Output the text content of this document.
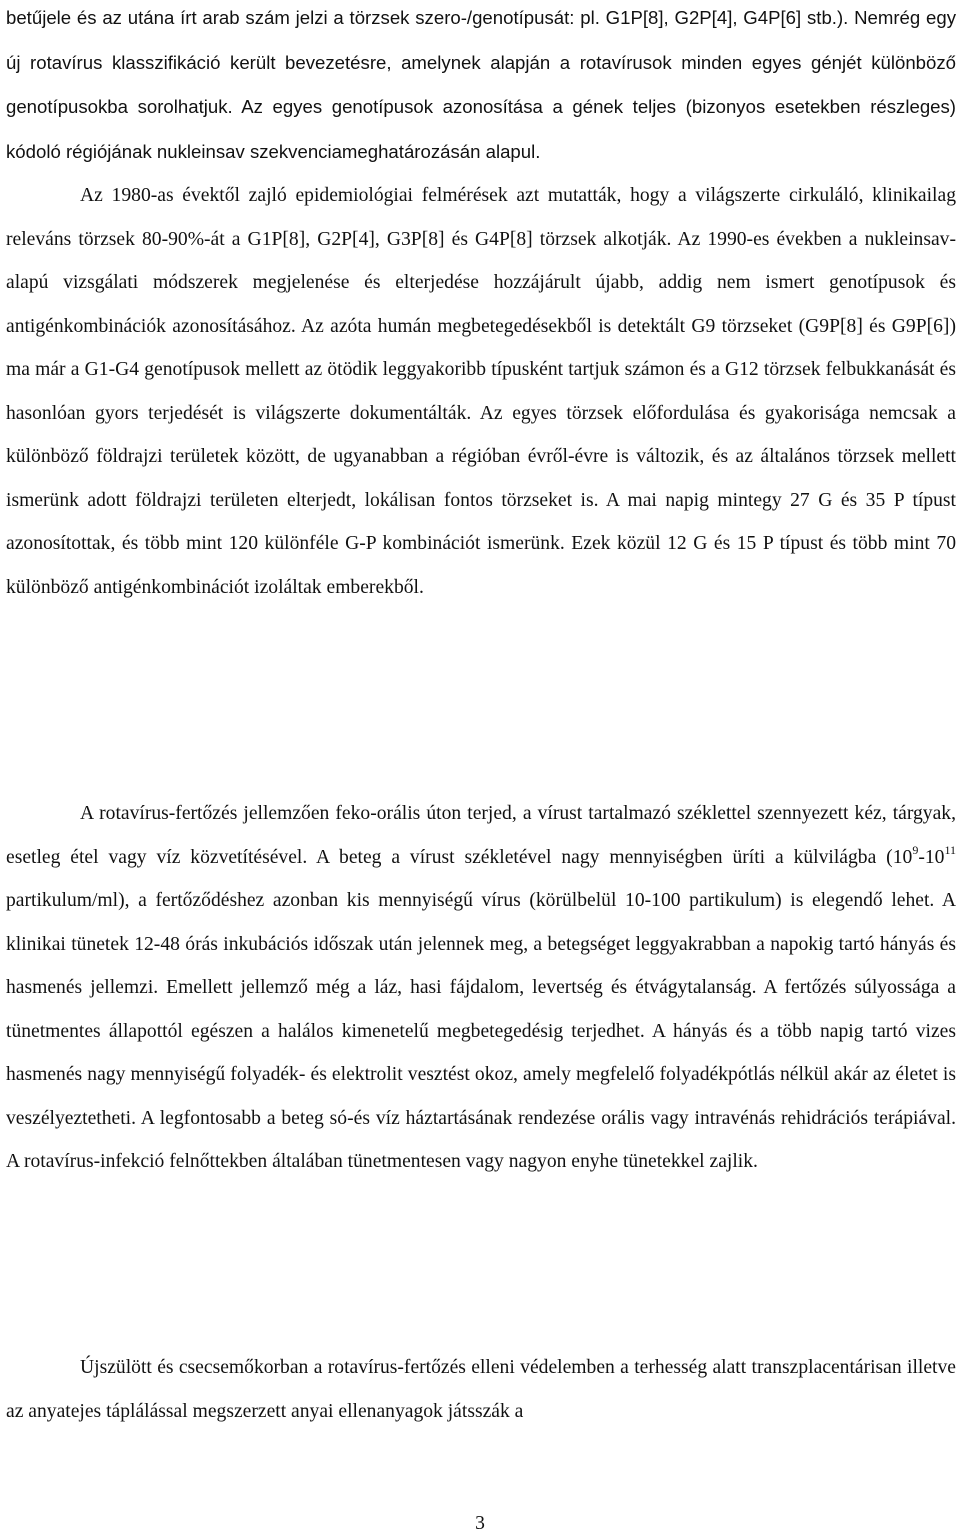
betűjele és az utána írt arab szám jelzi a törzsek szero-/genotípusát: pl. G1P[8], G2P[4], G4P[6] stb.). Nemrég egy új rotavírus klasszifikáció került bevezetésre, amelynek alapján a rotavírusok minden egyes génjét különböző genotípusokba sorolhatjuk. Az egyes genotípusok azonosítása a gének teljes (bizonyos esetekben részleges) kódoló régiójának nukleinsav szekvenciameghatározásán alapul.
Az 1980-as évektől zajló epidemiológiai felmérések azt mutatták, hogy a világszerte cirkuláló, klinikailag releváns törzsek 80-90%-át a G1P[8], G2P[4], G3P[8] és G4P[8] törzsek alkotják. Az 1990-es években a nukleinsav-alapú vizsgálati módszerek megjelenése és elterjedése hozzájárult újabb, addig nem ismert genotípusok és antigénkombinációk azonosításához. Az azóta humán megbetegedésekből is detektált G9 törzseket (G9P[8] és G9P[6]) ma már a G1-G4 genotípusok mellett az ötödik leggyakoribb típusként tartjuk számon és a G12 törzsek felbukkanását és hasonlóan gyors terjedését is világszerte dokumentálták. Az egyes törzsek előfordulása és gyakorisága nemcsak a különböző földrajzi területek között, de ugyanabban a régióban évről-évre is változik, és az általános törzsek mellett ismerünk adott földrajzi területen elterjedt, lokálisan fontos törzseket is. A mai napig mintegy 27 G és 35 P típust azonosítottak, és több mint 120 különféle G-P kombinációt ismerünk. Ezek közül 12 G és 15 P típust és több mint 70 különböző antigénkombinációt izoláltak emberekből.

A rotavírus-fertőzés jellemzően feko-orális úton terjed, a vírust tartalmazó széklettel szennyezett kéz, tárgyak, esetleg étel vagy víz közvetítésével. A beteg a vírust székletével nagy mennyiségben üríti a külvilágba ($10^9-10^{11}$ partikulum/ml), a fertőződéshez azonban kis mennyiségű vírus (körülbelül 10-100 partikulum) is elegendő lehet. A klinikai tünetek 12-48 órás inkubációs időszak után jelennek meg, a betegséget leggyakrabban a napokig tartó hányás és hasmenés jellemzi. Emellett jellemző még a láz, hasi fájdalom, levertség és étvágytalanság. A fertőzés súlyossága a tünetmentes állapottól egészen a halálos kimenetelű megbetegedésig terjedhet. A hányás és a több napig tartó vizes hasmenés nagy mennyiségű folyadék- és elektrolit vesztést okoz, amely megfelelő folyadékpótlás nélkül akár az életet is veszélyeztetheti. A legfontosabb a beteg só-és víz háztartásának rendezése orális vagy intravénás rehidrációs terápiával. A rotavírus-infekció felnőttekben általában tünetmentesen vagy nagyon enyhe tünetekkel zajlik.

Újszülött és csecsemőkorban a rotavírus-fertőzés elleni védelemben a terhesség alatt transzplacentárisan illetve az anyatejes táplálással megszerzett anyai ellenanyagok játsszák a

3
